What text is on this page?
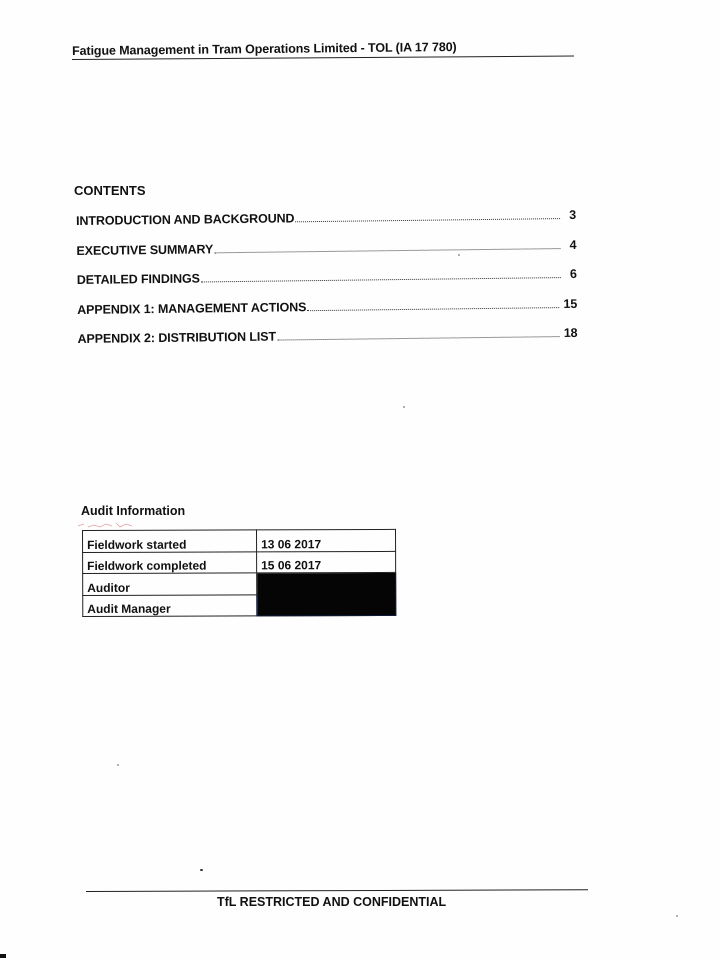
Fatigue Management in Tram Operations Limited - TOL (IA 17 780)
CONTENTS
INTRODUCTION AND BACKGROUND	3
EXECUTIVE SUMMARY	4
DETAILED FINDINGS	6
APPENDIX 1: MANAGEMENT ACTIONS	15
APPENDIX 2: DISTRIBUTION LIST	18
Audit Information
Fieldwork started	13 06 2017
Fieldwork completed	15 06 2017
Auditor	
Audit Manager	
TfL RESTRICTED AND CONFIDENTIAL
